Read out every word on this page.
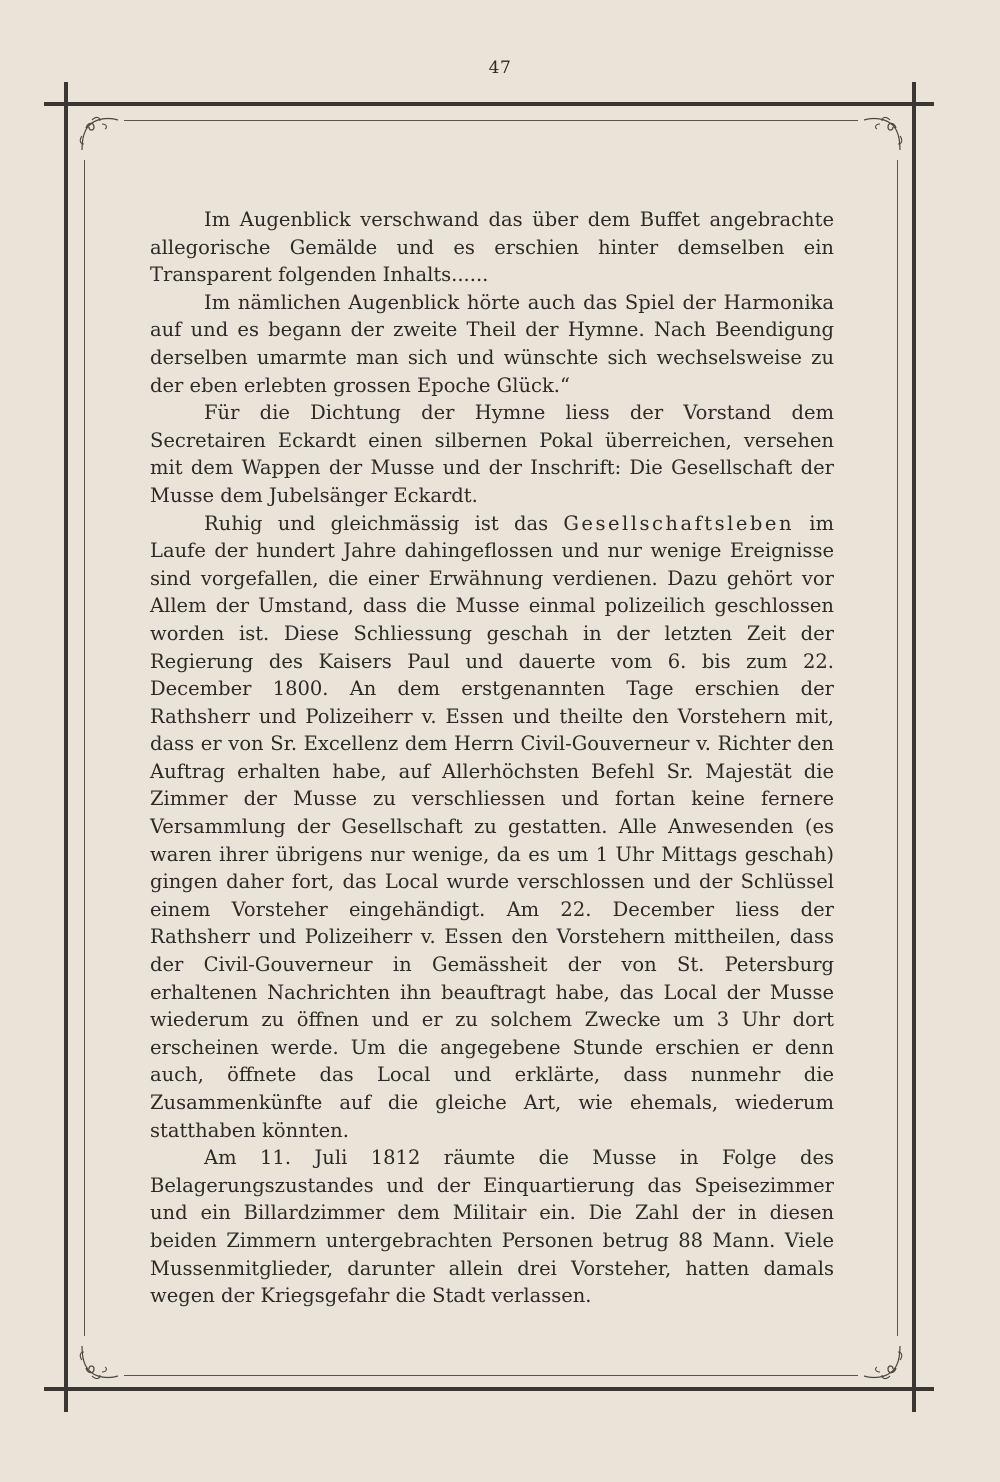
47

Im Augenblick verschwand das über dem Buffet angebrachte allegorische Gemälde und es erschien hinter demselben ein Transparent folgenden Inhalts......

Im nämlichen Augenblick hörte auch das Spiel der Harmonika auf und es begann der zweite Theil der Hymne. Nach Beendigung derselben umarmte man sich und wünschte sich wechselsweise zu der eben erlebten grossen Epoche Glück.“

Für die Dichtung der Hymne liess der Vorstand dem Secretairen Eckardt einen silbernen Pokal überreichen, versehen mit dem Wappen der Musse und der Inschrift: Die Gesellschaft der Musse dem Jubelsänger Eckardt.

Ruhig und gleichmässig ist das Gesellschaftsleben im Laufe der hundert Jahre dahingeflossen und nur wenige Ereignisse sind vorgefallen, die einer Erwähnung verdienen. Dazu gehört vor Allem der Umstand, dass die Musse einmal polizeilich geschlossen worden ist. Diese Schliessung geschah in der letzten Zeit der Regierung des Kaisers Paul und dauerte vom 6. bis zum 22. December 1800. An dem erstgenannten Tage erschien der Rathsherr und Polizeiherr v. Essen und theilte den Vorstehern mit, dass er von Sr. Excellenz dem Herrn Civil-Gouverneur v. Richter den Auftrag erhalten habe, auf Allerhöchsten Befehl Sr. Majestät die Zimmer der Musse zu verschliessen und fortan keine fernere Versammlung der Gesellschaft zu gestatten. Alle Anwesenden (es waren ihrer übrigens nur wenige, da es um 1 Uhr Mittags geschah) gingen daher fort, das Local wurde verschlossen und der Schlüssel einem Vorsteher eingehändigt. Am 22. December liess der Rathsherr und Polizeiherr v. Essen den Vorstehern mittheilen, dass der Civil-Gouverneur in Gemässheit der von St. Petersburg erhaltenen Nachrichten ihn beauftragt habe, das Local der Musse wiederum zu öffnen und er zu solchem Zwecke um 3 Uhr dort erscheinen werde. Um die angegebene Stunde erschien er denn auch, öffnete das Local und erklärte, dass nunmehr die Zusammenkünfte auf die gleiche Art, wie ehemals, wiederum statthaben könnten.

Am 11. Juli 1812 räumte die Musse in Folge des Belagerungszustandes und der Einquartierung das Speisezimmer und ein Billardzimmer dem Militair ein. Die Zahl der in diesen beiden Zimmern untergebrachten Personen betrug 88 Mann. Viele Mussenmitglieder, darunter allein drei Vorsteher, hatten damals wegen der Kriegsgefahr die Stadt verlassen.
